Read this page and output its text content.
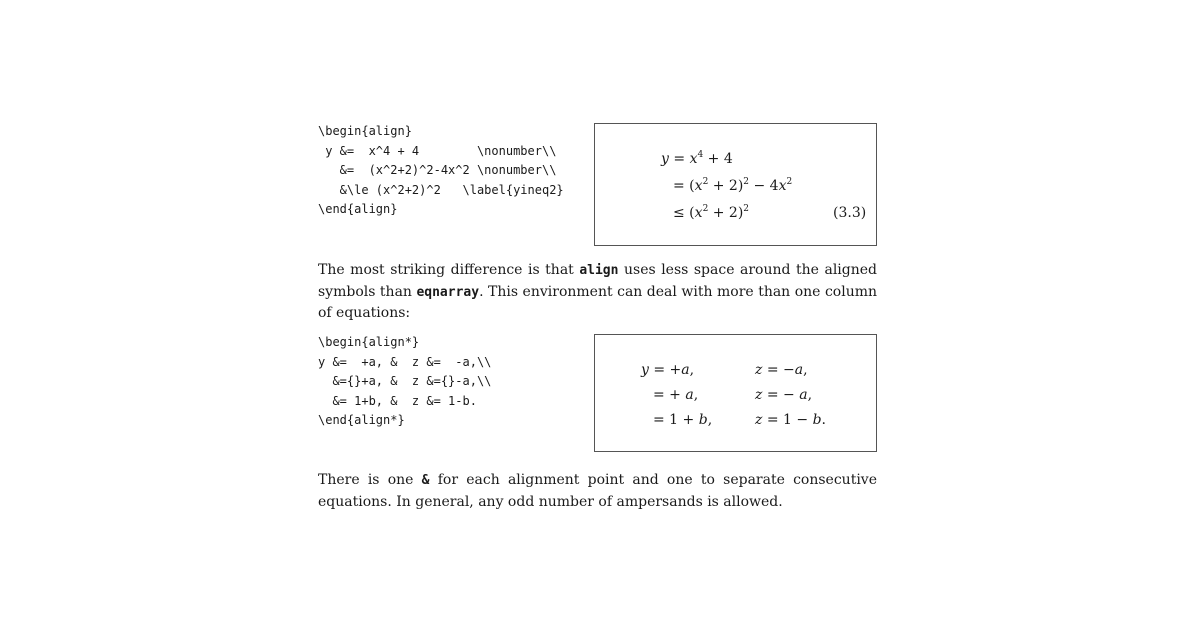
\begin{align}
y &=  x^4 + 4        \nonumber\\
&=  (x^2+2)^2-4x^2 \nonumber\\
&\le (x^2+2)^2   \label{yineq2}
\end{align}
$y = x^4 + 4$
= $(x^2 + 2)^2 - 4x^2$
≤ $(x^2 + 2)^2$	(3.3)

The most striking difference is that align uses less space around the aligned symbols than eqnarray. This environment can deal with more than one column of equations:

\begin{align*}
y &=  +a, &  z &=  -a,\\
&={}+a, &  z &={}-a,\\
&= 1+b, &  z &= 1-b.
\end{align*}
y = +a,	z = −a,
= + a,	z = − a,
= 1 + b,	z = 1 − b.

There is one & for each alignment point and one to separate consecutive equations. In general, any odd number of ampersands is allowed.
